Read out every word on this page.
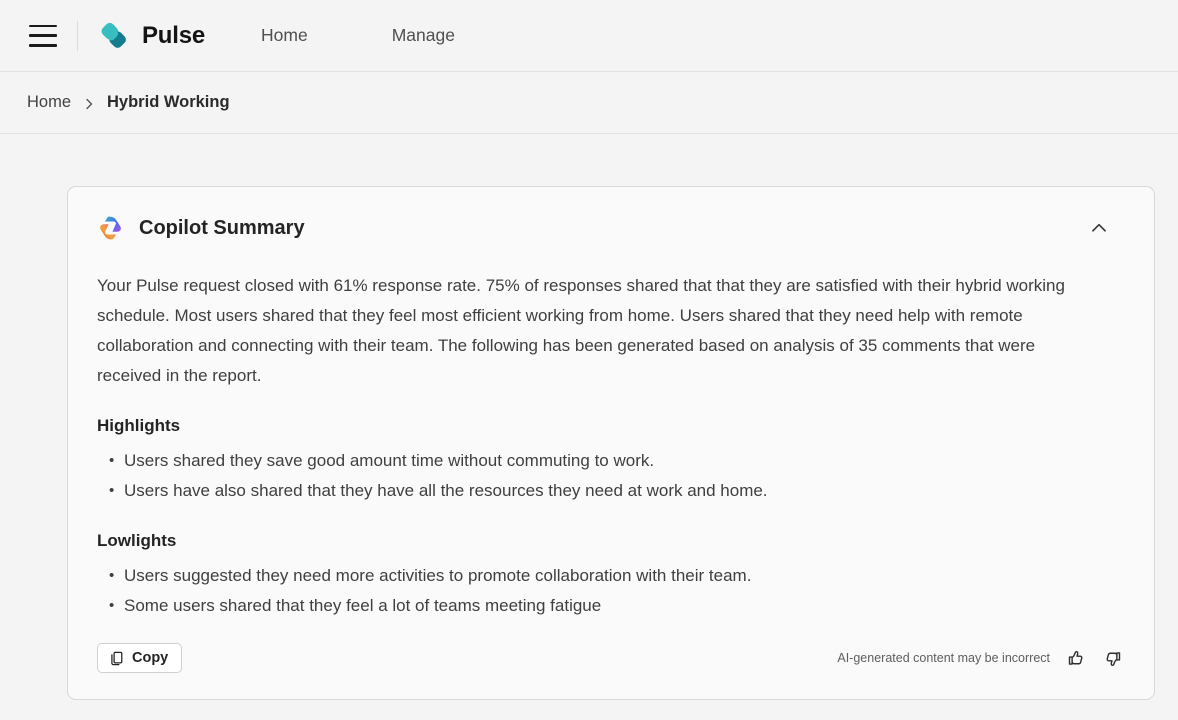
Pulse	Home	Manage
Home Hybrid Working
Copilot Summary

Your Pulse request closed with 61% response rate. 75% of responses shared that that they are satisfied with their hybrid working schedule. Most users shared that they feel most efficient working from home. Users shared that they need help with remote collaboration and connecting with their team. The following has been generated based on analysis of 35 comments that were received in the report.

Highlights
• Users shared they save good amount time without commuting to work.
• Users have also shared that they have all the resources they need at work and home.
Lowlights
• Users suggested they need more activities to promote collaboration with their team.
• Some users shared that they feel a lot of teams meeting fatigue
Copy	AI-generated content may be incorrect
